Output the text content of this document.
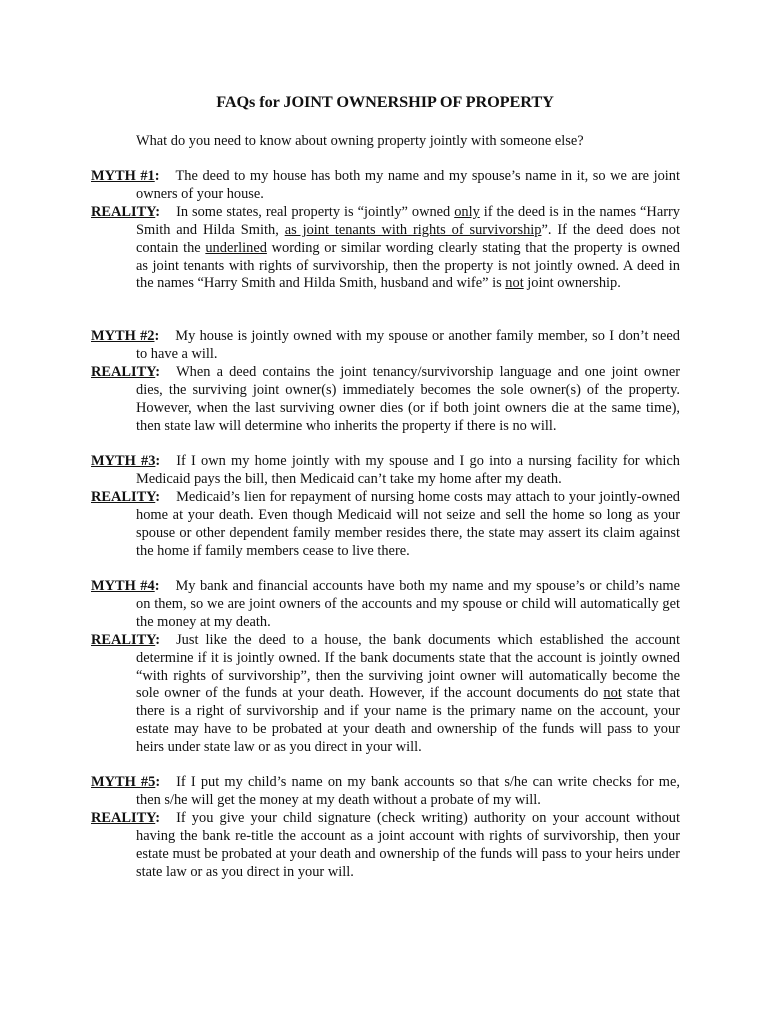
FAQs for JOINT OWNERSHIP OF PROPERTY

What do you need to know about owning property jointly with someone else?

MYTH #1: The deed to my house has both my name and my spouse’s name in it, so we are joint owners of your house.

REALITY: In some states, real property is “jointly” owned only if the deed is in the names “Harry Smith and Hilda Smith, as joint tenants with rights of survivorship”. If the deed does not contain the underlined wording or similar wording clearly stating that the property is owned as joint tenants with rights of survivorship, then the property is not jointly owned. A deed in the names “Harry Smith and Hilda Smith, husband and wife” is not joint ownership.

MYTH #2: My house is jointly owned with my spouse or another family member, so I don’t need to have a will.

REALITY: When a deed contains the joint tenancy/survivorship language and one joint owner dies, the surviving joint owner(s) immediately becomes the sole owner(s) of the property. However, when the last surviving owner dies (or if both joint owners die at the same time), then state law will determine who inherits the property if there is no will.

MYTH #3: If I own my home jointly with my spouse and I go into a nursing facility for which Medicaid pays the bill, then Medicaid can’t take my home after my death.

REALITY: Medicaid’s lien for repayment of nursing home costs may attach to your jointly-owned home at your death. Even though Medicaid will not seize and sell the home so long as your spouse or other dependent family member resides there, the state may assert its claim against the home if family members cease to live there.

MYTH #4: My bank and financial accounts have both my name and my spouse’s or child’s name on them, so we are joint owners of the accounts and my spouse or child will automatically get the money at my death.

REALITY: Just like the deed to a house, the bank documents which established the account determine if it is jointly owned. If the bank documents state that the account is jointly owned “with rights of survivorship”, then the surviving joint owner will automatically become the sole owner of the funds at your death. However, if the account documents do not state that there is a right of survivorship and if your name is the primary name on the account, your estate may have to be probated at your death and ownership of the funds will pass to your heirs under state law or as you direct in your will.

MYTH #5: If I put my child’s name on my bank accounts so that s/he can write checks for me, then s/he will get the money at my death without a probate of my will.

REALITY: If you give your child signature (check writing) authority on your account without having the bank re-title the account as a joint account with rights of survivorship, then your estate must be probated at your death and ownership of the funds will pass to your heirs under state law or as you direct in your will.
